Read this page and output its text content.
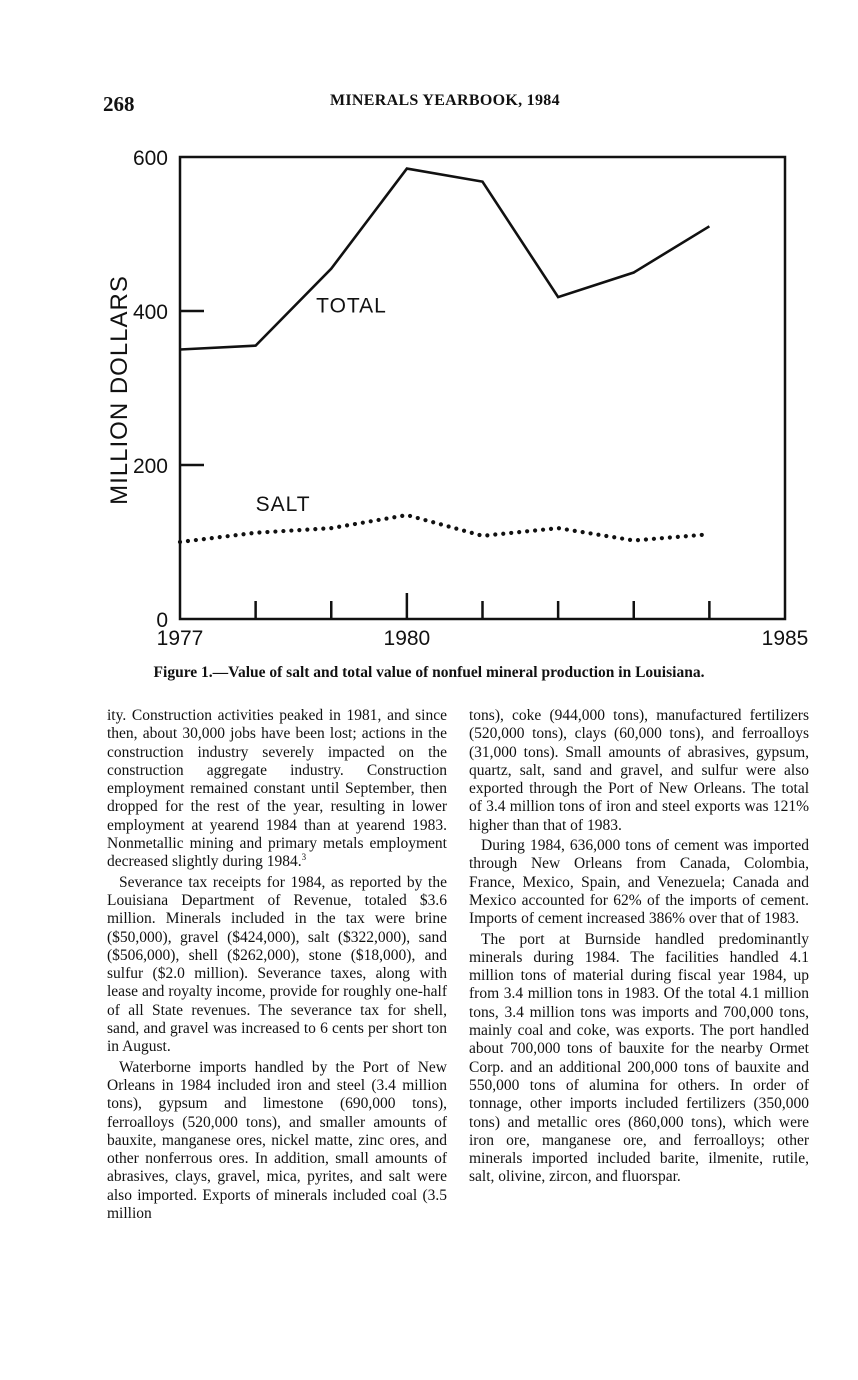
268	MINERALS YEARBOOK, 1984
MILLION DOLLARS
0
200
400
600
1977	1980	1985
TOTAL
SALT
Figure 1.—Value of salt and total value of nonfuel mineral production in Louisiana.

ity. Construction activities peaked in 1981, and since then, about 30,000 jobs have been lost; actions in the construction industry severely impacted on the construction aggregate industry. Construction employment remained constant until September, then dropped for the rest of the year, resulting in lower employment at yearend 1984 than at yearend 1983. Nonmetallic mining and primary metals employment decreased slightly during 1984.$^3$

Severance tax receipts for 1984, as reported by the Louisiana Department of Revenue, totaled $3.6 million. Minerals included in the tax were brine ($50,000), gravel ($424,000), salt ($322,000), sand ($506,000), shell ($262,000), stone ($18,000), and sulfur ($2.0 million). Severance taxes, along with lease and royalty income, provide for roughly one-half of all State revenues. The severance tax for shell, sand, and gravel was increased to 6 cents per short ton in August.

Waterborne imports handled by the Port of New Orleans in 1984 included iron and steel (3.4 million tons), gypsum and limestone (690,000 tons), ferroalloys (520,000 tons), and smaller amounts of bauxite, manganese ores, nickel matte, zinc ores, and other nonferrous ores. In addition, small amounts of abrasives, clays, gravel, mica, pyrites, and salt were also imported. Exports of minerals included coal (3.5 million

tons), coke (944,000 tons), manufactured fertilizers (520,000 tons), clays (60,000 tons), and ferroalloys (31,000 tons). Small amounts of abrasives, gypsum, quartz, salt, sand and gravel, and sulfur were also exported through the Port of New Orleans. The total of 3.4 million tons of iron and steel exports was 121% higher than that of 1983.

During 1984, 636,000 tons of cement was imported through New Orleans from Canada, Colombia, France, Mexico, Spain, and Venezuela; Canada and Mexico accounted for 62% of the imports of cement. Imports of cement increased 386% over that of 1983.

The port at Burnside handled predominantly minerals during 1984. The facilities handled 4.1 million tons of material during fiscal year 1984, up from 3.4 million tons in 1983. Of the total 4.1 million tons, 3.4 million tons was imports and 700,000 tons, mainly coal and coke, was exports. The port handled about 700,000 tons of bauxite for the nearby Ormet Corp. and an additional 200,000 tons of bauxite and 550,000 tons of alumina for others. In order of tonnage, other imports included fertilizers (350,000 tons) and metallic ores (860,000 tons), which were iron ore, manganese ore, and ferroalloys; other minerals imported included barite, ilmenite, rutile, salt, olivine, zircon, and fluorspar.
